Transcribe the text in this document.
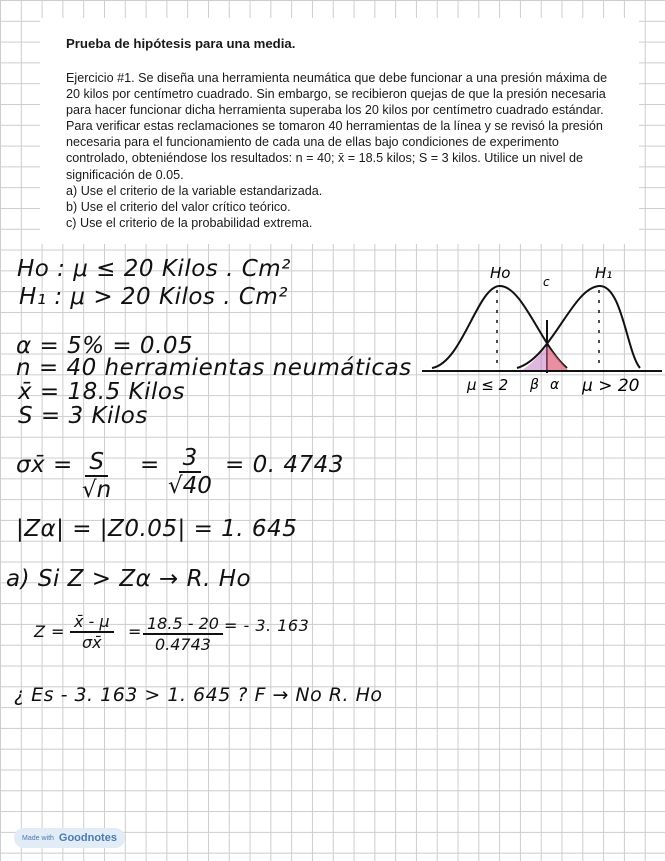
Prueba de hipótesis para una media.

Ejercicio #1. Se diseña una herramienta neumática que debe funcionar a una presión máxima de 20 kilos por centímetro cuadrado. Sin embargo, se recibieron quejas de que la presión necesaria para hacer funcionar dicha herramienta superaba los 20 kilos por centímetro cuadrado estándar. Para verificar estas reclamaciones se tomaron 40 herramientas de la línea y se revisó la presión necesaria para el funcionamiento de cada una de ellas bajo condiciones de experimento controlado, obteniéndose los resultados: n = 40; x̄ = 18.5 kilos; S = 3 kilos. Utilice un nivel de significación de 0.05.

a) Use el criterio de la variable estandarizada.
b) Use el criterio del valor crítico teórico.
c) Use el criterio de la probabilidad extrema.
Ho : μ ≤ 20 Kilos . Cm²
H₁ : μ > 20 Kilos . Cm²
α = 5% = 0.05
n = 40 herramientas neumáticas
x̄ = 18.5 Kilos
S = 3 Kilos
σx̄ = $\frac{S}{√n} = \frac{3}{√40} = 0$. 4743
|Zα| = |Z0.05| = 1. 645
a) Si Z > Zα → R. Ho
$Z = \frac{x̄ - \mu}{\sigma x̄} = \frac{18.5 - 20}{0.4743}$ = - 3. 163
¿ Es - 3. 163 > 1. 645 ? F → No R. Ho
Ho	c	H₁
μ ≤ 2 β α μ > 20
Made with Goodnotes
